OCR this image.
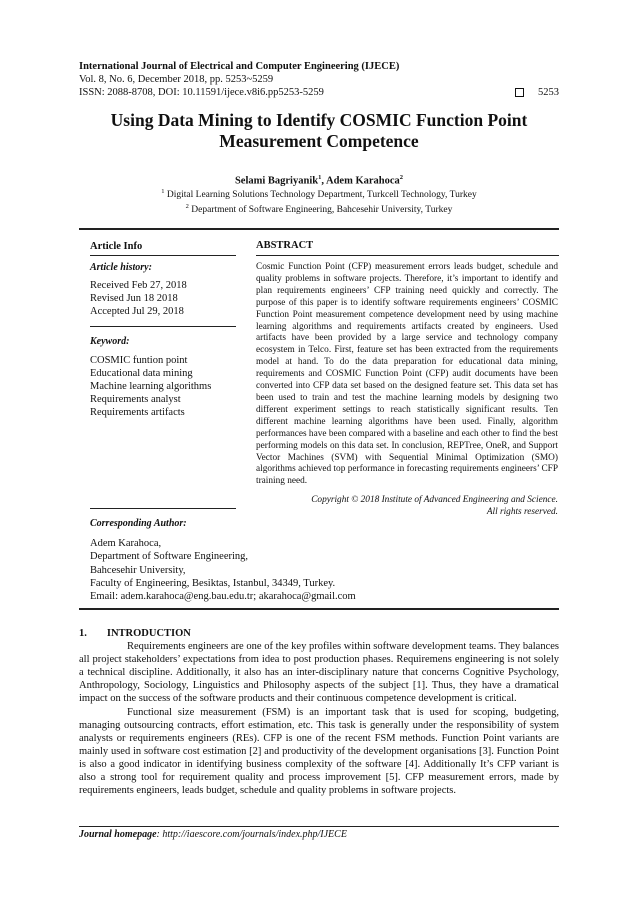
International Journal of Electrical and Computer Engineering (IJECE)
Vol. 8, No. 6, December 2018, pp. 5253~5259
ISSN: 2088-8708, DOI: 10.11591/ijece.v8i6.pp5253-5259	5253
Using Data Mining to Identify COSMIC Function Point
Measurement Competence
Selami Bagriyanik$^1$, Adem Karahoca$^2$
$^1$ Digital Learning Solutions Technology Department, Turkcell Technology, Turkey
$^2$ Department of Software Engineering, Bahcesehir University, Turkey
Article Info
Article history:
Received Feb 27, 2018
Revised Jun 18 2018
Accepted Jul 29, 2018
Keyword:
COSMIC funtion point
Educational data mining
Machine learning algorithms
Requirements analyst
Requirements artifacts
ABSTRACT
Cosmic Function Point (CFP) measurement errors leads budget, schedule and quality problems in software projects. Therefore, it’s important to identify and plan requirements engineers’ CFP training need quickly and correctly. The purpose of this paper is to identify software requirements engineers’ COSMIC Function Point measurement competence development need by using machine learning algorithms and requirements artifacts created by engineers. Used artifacts have been provided by a large service and technology company ecosystem in Telco. First, feature set has been extracted from the requirements model at hand. To do the data preparation for educational data mining, requirements and COSMIC Function Point (CFP) audit documents have been converted into CFP data set based on the designed feature set. This data set has been used to train and test the machine learning models by designing two different experiment settings to reach statistically significant results. Ten different machine learning algorithms have been used. Finally, algorithm performances have been compared with a baseline and each other to find the best performing models on this data set. In conclusion, REPTree, OneR, and Support Vector Machines (SVM) with Sequential Minimal Optimization (SMO) algorithms achieved top performance in forecasting requirements engineers’ CFP training need.
Copyright © 2018 Institute of Advanced Engineering and Science.
All rights reserved.
Corresponding Author:
Adem Karahoca,
Department of Software Engineering,
Bahcesehir University,
Faculty of Engineering, Besiktas, Istanbul, 34349, Turkey.
Email: adem.karahoca@eng.bau.edu.tr; akarahoca@gmail.com
1. INTRODUCTION

Requirements engineers are one of the key profiles within software development teams. They balances all project stakeholders’ expectations from idea to post production phases. Requiremens engineering is not solely a technical discipline. Additionally, it also has an inter-disciplinary nature that concerns Cognitive Psychology, Anthropology, Sociology, Linguistics and Philosophy aspects of the subject [1]. Thus, they have a dramatical impact on the success of the software products and their continuous competence development is critical.

Functional size measurement (FSM) is an important task that is used for scoping, budgeting, managing outsourcing contracts, effort estimation, etc. This task is generally under the responsibility of system analysts or requirements engineers (REs). CFP is one of the recent FSM methods. Function Point variants are mainly used in software cost estimation [2] and productivity of the development organisations [3]. Function Point is also a good indicator in identifying business complexity of the software [4]. Additionally It’s CFP variant is also a strong tool for requirement quality and process improvement [5]. CFP measurement errors, made by requirements engineers, leads budget, schedule and quality problems in software projects.

Journal homepage: http://iaescore.com/journals/index.php/IJECE
